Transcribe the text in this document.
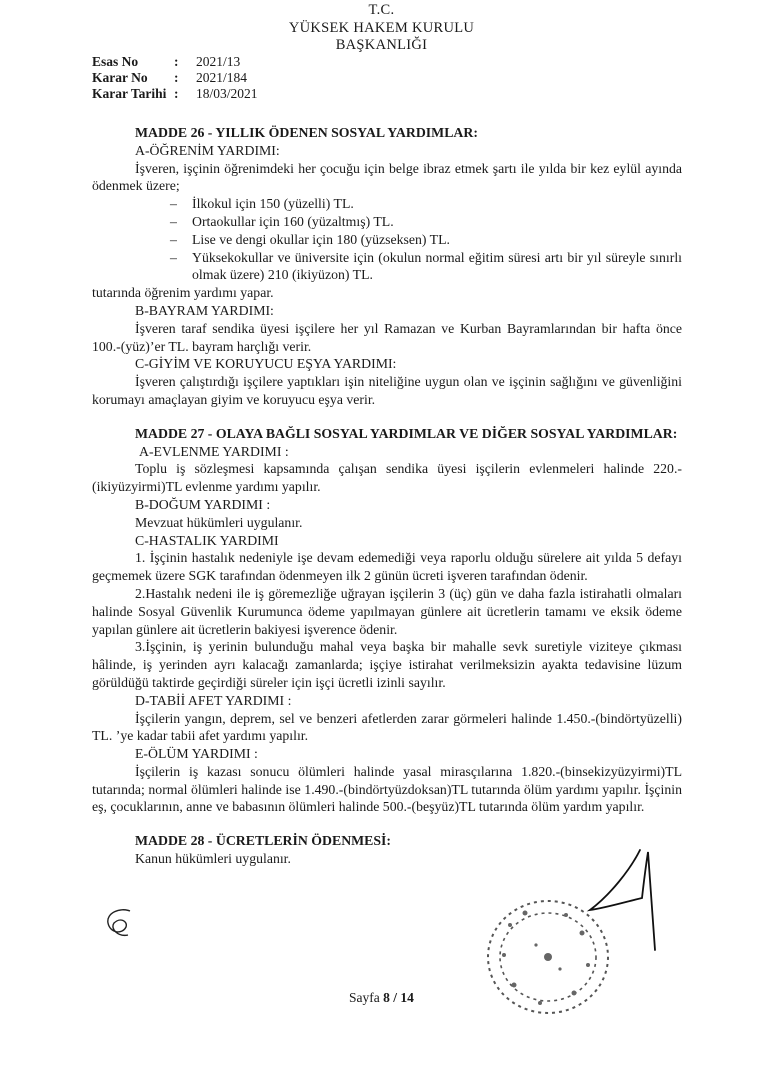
T.C.
YÜKSEK HAKEM KURULU
BAŞKANLIĞI
Esas No	:	2021/13
Karar No	:	2021/184
Karar Tarihi :	18/03/2021
MADDE 26 - YILLIK ÖDENEN SOSYAL YARDIMLAR:
A-ÖĞRENİM YARDIMI:
İşveren, işçinin öğrenimdeki her çocuğu için belge ibraz etmek şartı ile yılda bir kez eylül ayında ödenmek üzere;
– İlkokul için 150 (yüzelli) TL.
– Ortaokullar için 160 (yüzaltmış) TL.
– Lise ve dengi okullar için 180 (yüzseksen) TL.
– Yüksekokullar ve üniversite için (okulun normal eğitim süresi artı bir yıl süreyle sınırlı olmak üzere) 210 (ikiyüzon) TL.
tutarında öğrenim yardımı yapar.
B-BAYRAM YARDIMI:
İşveren taraf sendika üyesi işçilere her yıl Ramazan ve Kurban Bayramlarından bir hafta önce 100.-(yüz)’er TL. bayram harçlığı verir.
C-GİYİM VE KORUYUCU EŞYA YARDIMI:
İşveren çalıştırdığı işçilere yaptıkları işin niteliğine uygun olan ve işçinin sağlığını ve güvenliğini korumayı amaçlayan giyim ve koruyucu eşya verir.
MADDE 27 - OLAYA BAĞLI SOSYAL YARDIMLAR VE DİĞER SOSYAL YARDIMLAR:
A-EVLENME YARDIMI :
Toplu iş sözleşmesi kapsamında çalışan sendika üyesi işçilerin evlenmeleri halinde 220.-(ikiyüzyirmi)TL evlenme yardımı yapılır.
B-DOĞUM YARDIMI :
Mevzuat hükümleri uygulanır.
C-HASTALIK YARDIMI
1. İşçinin hastalık nedeniyle işe devam edemediği veya raporlu olduğu sürelere ait yılda 5 defayı geçmemek üzere SGK tarafından ödenmeyen ilk 2 günün ücreti işveren tarafından ödenir.
2.Hastalık nedeni ile iş göremezliğe uğrayan işçilerin 3 (üç) gün ve daha fazla istirahatli olmaları halinde Sosyal Güvenlik Kurumunca ödeme yapılmayan günlere ait ücretlerin tamamı ve eksik ödeme yapılan günlere ait ücretlerin bakiyesi işverence ödenir.
3.İşçinin, iş yerinin bulunduğu mahal veya başka bir mahalle sevk suretiyle viziteye çıkması hâlinde, iş yerinden ayrı kalacağı zamanlarda; işçiye istirahat verilmeksizin ayakta tedavisine lüzum görüldüğü taktirde geçirdiği süreler için işçi ücretli izinli sayılır.
D-TABİİ AFET YARDIMI :
İşçilerin yangın, deprem, sel ve benzeri afetlerden zarar görmeleri halinde 1.450.-(bindörtyüzelli) TL. ’ye kadar tabii afet yardımı yapılır.
E-ÖLÜM YARDIMI :
İşçilerin iş kazası sonucu ölümleri halinde yasal mirasçılarına 1.820.-(binsekizyüzyirmi)TL tutarında; normal ölümleri halinde ise 1.490.-(bindörtyüzdoksan)TL tutarında ölüm yardımı yapılır. İşçinin eş, çocuklarının, anne ve babasının ölümleri halinde 500.-(beşyüz)TL tutarında ölüm yardım yapılır.
MADDE 28 - ÜCRETLERİN ÖDENMESİ:
Kanun hükümleri uygulanır.
Sayfa 8 / 14
